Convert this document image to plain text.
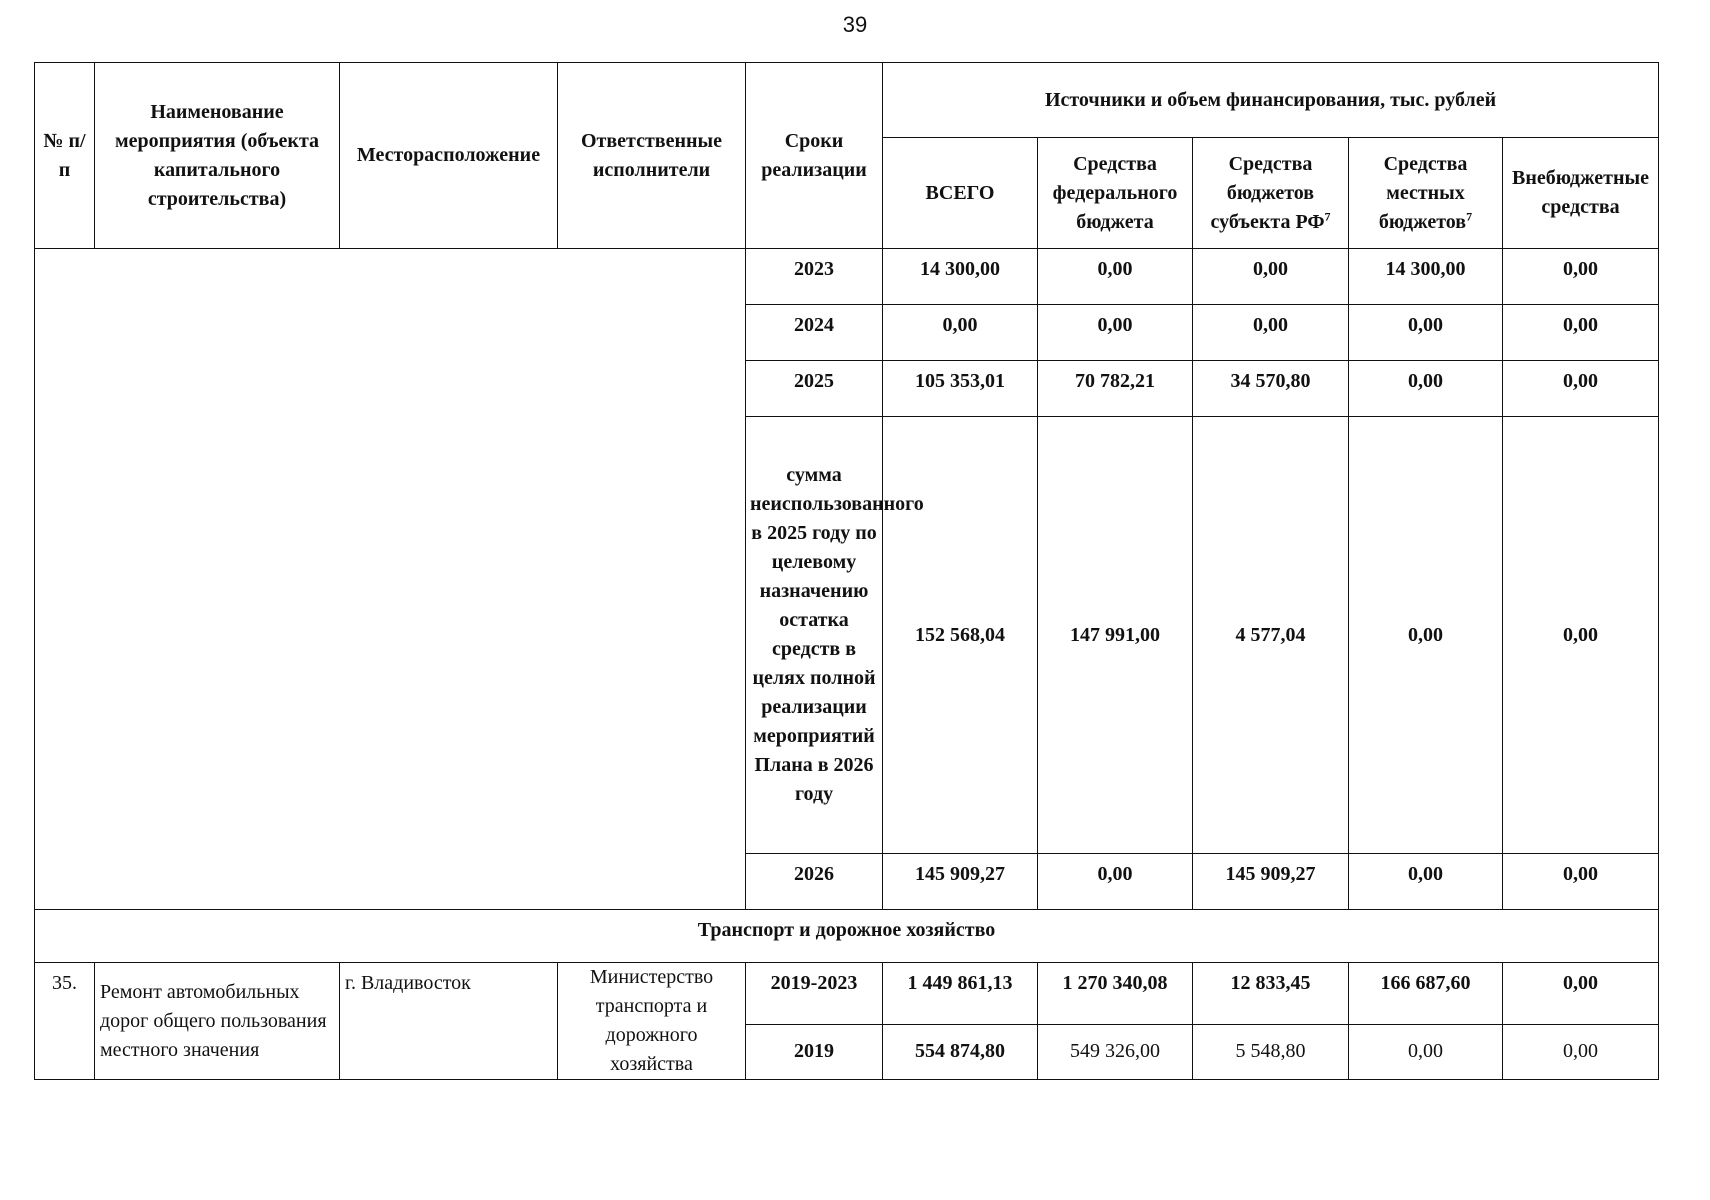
39
№ п/п	Наименование мероприятия (объекта капитального строительства)	Месторасположение	Ответственные исполнители	Сроки реализации	Источники и объем финансирования, тыс. рублей				
					ВСЕГО	Средства федерального бюджета	Средства бюджетов субъекта $РФ^7$	Средства местных бюджетов$^7$	Внебюджетные средства
				2023	14 300,00	0,00	0,00	14 300,00	0,00
				2024	0,00	0,00	0,00	0,00	0,00
				2025	105 353,01	70 782,21	34 570,80	0,00	0,00
				сумма неиспользованного в 2025 году по целевому назначению остатка средств в целях полной реализации мероприятий Плана в 2026 году	152 568,04	147 991,00	4 577,04	0,00	0,00
				2026	145 909,27	0,00	145 909,27	0,00	0,00
Транспорт и дорожное хозяйство									
35.	Ремонт автомобильных дорог общего пользования местного значения	г. Владивосток	Министерство транспорта и дорожного хозяйства	2019-2023	1 449 861,13	1 270 340,08	12 833,45	166 687,60	0,00
				2019	554 874,80	549 326,00	5 548,80	0,00	0,00
